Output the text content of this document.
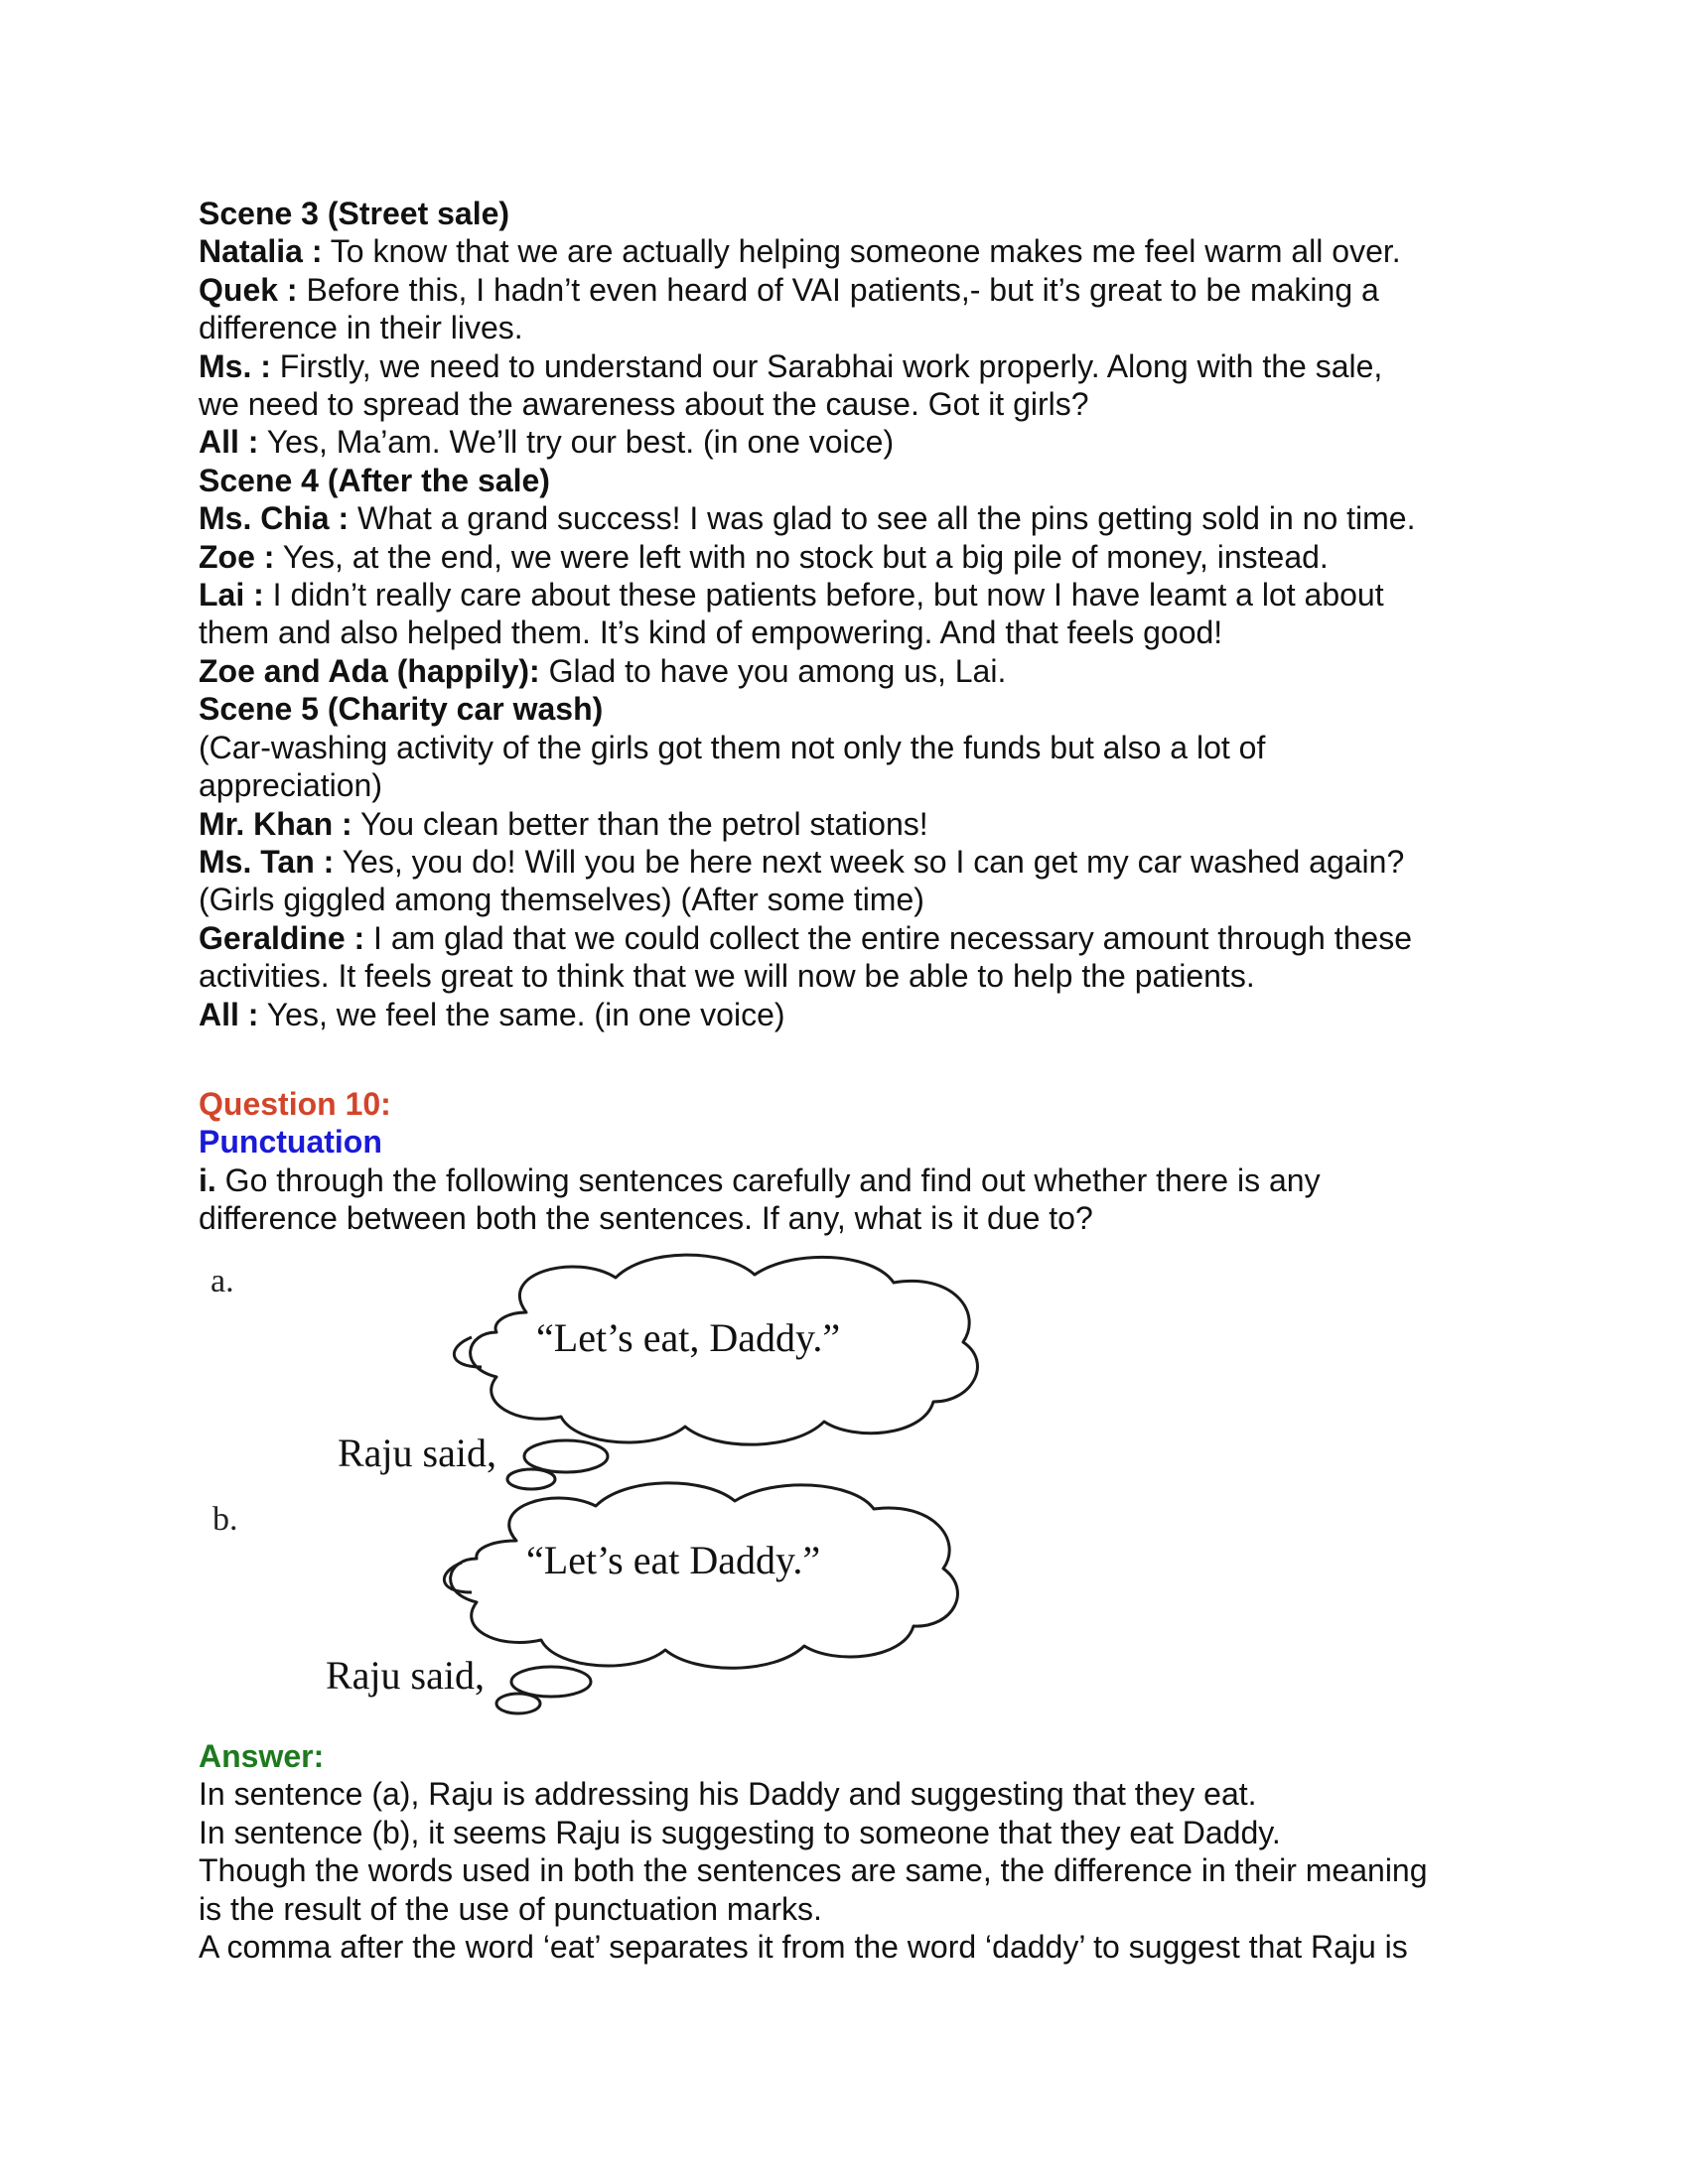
Scene 3 (Street sale)
Natalia : To know that we are actually helping someone makes me feel warm all over.
Quek : Before this, I hadn’t even heard of VAI patients,- but it’s great to be making a
difference in their lives.
Ms. : Firstly, we need to understand our Sarabhai work properly. Along with the sale,
we need to spread the awareness about the cause. Got it girls?
All : Yes, Ma’am. We’ll try our best. (in one voice)
Scene 4 (After the sale)
Ms. Chia : What a grand success! I was glad to see all the pins getting sold in no time.
Zoe : Yes, at the end, we were left with no stock but a big pile of money, instead.
Lai : I didn’t really care about these patients before, but now I have leamt a lot about
them and also helped them. It’s kind of empowering. And that feels good!
Zoe and Ada (happily): Glad to have you among us, Lai.
Scene 5 (Charity car wash)
(Car-washing activity of the girls got them not only the funds but also a lot of
appreciation)
Mr. Khan : You clean better than the petrol stations!
Ms. Tan : Yes, you do! Will you be here next week so I can get my car washed again?
(Girls giggled among themselves) (After some time)
Geraldine : I am glad that we could collect the entire necessary amount through these
activities. It feels great to think that we will now be able to help the patients.
All : Yes, we feel the same. (in one voice)
Question 10:
Punctuation
i. Go through the following sentences carefully and find out whether there is any
difference between both the sentences. If any, what is it due to?
a.
“Let’s eat, Daddy.”
Raju said,
b.
“Let’s eat Daddy.”
Raju said,
Answer:
In sentence (a), Raju is addressing his Daddy and suggesting that they eat.
In sentence (b), it seems Raju is suggesting to someone that they eat Daddy.
Though the words used in both the sentences are same, the difference in their meaning
is the result of the use of punctuation marks.
A comma after the word ‘eat’ separates it from the word ‘daddy’ to suggest that Raju is
